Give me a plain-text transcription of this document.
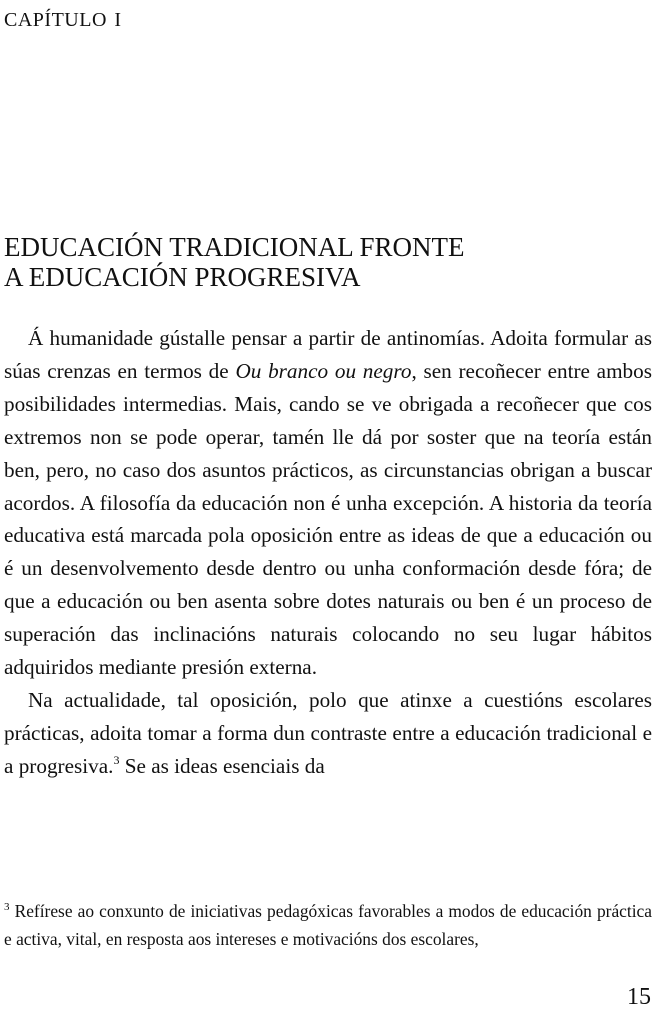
capítulo i
EDUCACIÓN TRADICIONAL FRONTE
A EDUCACIÓN PROGRESIVA

Á humanidade gústalle pensar a partir de antinomías. Adoita formular as súas crenzas en termos de Ou branco ou negro, sen recoñecer entre ambos posibilidades intermedias. Mais, cando se ve obrigada a recoñecer que cos extremos non se pode operar, tamén lle dá por soster que na teoría están ben, pero, no caso dos asuntos prácticos, as circunstancias obrigan a buscar acordos. A filosofía da educación non é unha excepción. A historia da teoría educativa está marcada pola oposición entre as ideas de que a educación ou é un desenvolvemento desde dentro ou unha conformación desde fóra; de que a educación ou ben asenta sobre dotes naturais ou ben é un proceso de superación das inclinacións naturais colocando no seu lugar hábitos adquiridos mediante presión externa.

Na actualidade, tal oposición, polo que atinxe a cuestións escolares prácticas, adoita tomar a forma dun contraste entre a educación tradicional e a progresiva.$^3$ Se as ideas esenciais da

$^3$ Refírese ao conxunto de iniciativas pedagóxicas favorables a modos de educación práctica e activa, vital, en resposta aos intereses e motivacións dos escolares,

15
